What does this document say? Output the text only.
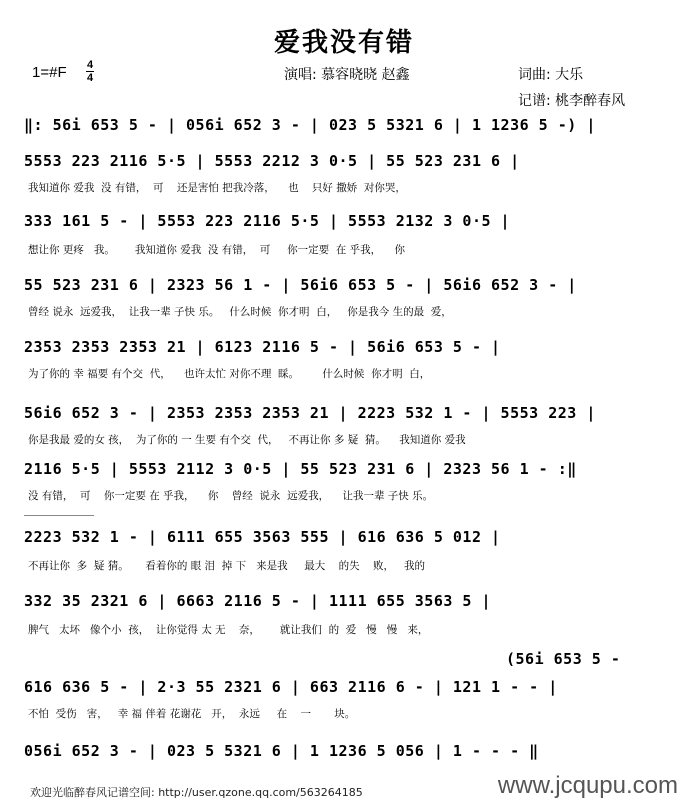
爱我没有错
1=#F 4
4	演唱: 慕容晓晓 赵鑫	词曲: 大乐
记谱: 桃李醉春风
‖: 56i 653 5 - | 056i 652 3 - | 023 5 5321 6 | 1 1236 5 -) |
5553 223 2116 5·5 | 5553 2212 3 0·5 | 55 523 231 6 |
我知道你 爱我  没 有错，  可    还是害怕 把我冷落，    也    只好 撒娇  对你哭，
333 161 5 - | 5553 223 2116 5·5 | 5553 2132 3 0·5 |
想让你 更疼   我。      我知道你 爱我  没 有错，  可     你一定要  在 乎我，    你
55 523 231 6 | 2323 56 1 - | 56i6 653 5 - | 56i6 652 3 - |
曾经 说永  远爱我，  让我一辈 子快 乐。   什么时候  你才明  白，   你是我今 生的最  爱，
2353 2353 2353 21 | 6123 2116 5 - | 56i6 653 5 - |
为了你的 幸 福要 有个交  代，    也许太忙 对你不理  睬。       什么时候  你才明  白，
56i6 652 3 - | 2353 2353 2353 21 | 2223 532 1 - | 5553 223 |
你是我最 爱的女 孩，  为了你的 一 生要 有个交  代，   不再让你 多 疑  猜。    我知道你 爱我
2116 5·5 | 5553 2112 3 0·5 | 55 523 231 6 | 2323 56 1 - :‖
没 有错，  可    你一定要 在 乎我，    你    曾经  说永  远爱我，    让我一辈 子快 乐。
2223 532 1 - | 6111 655 3563 555 | 616 636 5 012 |
不再让你  多  疑 猜。     看着你的 眼 泪  掉 下   来是我     最大    的失    败，   我的
332 35 2321 6 | 6663 2116 5 - | 1111 655 3563 5 |
脾气   太坏   像个小  孩，  让你觉得 太 无    奈，      就让我们  的  爱   慢   慢   来，
(56i 653 5 -
616 636 5 - | 2·3 55 2321 6 | 663 2116 6 - | 121 1 - - |
不怕  受伤   害，   幸 福 伴着 花谢花   开，  永远     在    一       块。
056i 652 3 - | 023 5 5321 6 | 1 1236 5 056 | 1 - - - ‖
欢迎光临醉春风记谱空间: http://user.qzone.qq.com/563264185	www.jcqupu.com
